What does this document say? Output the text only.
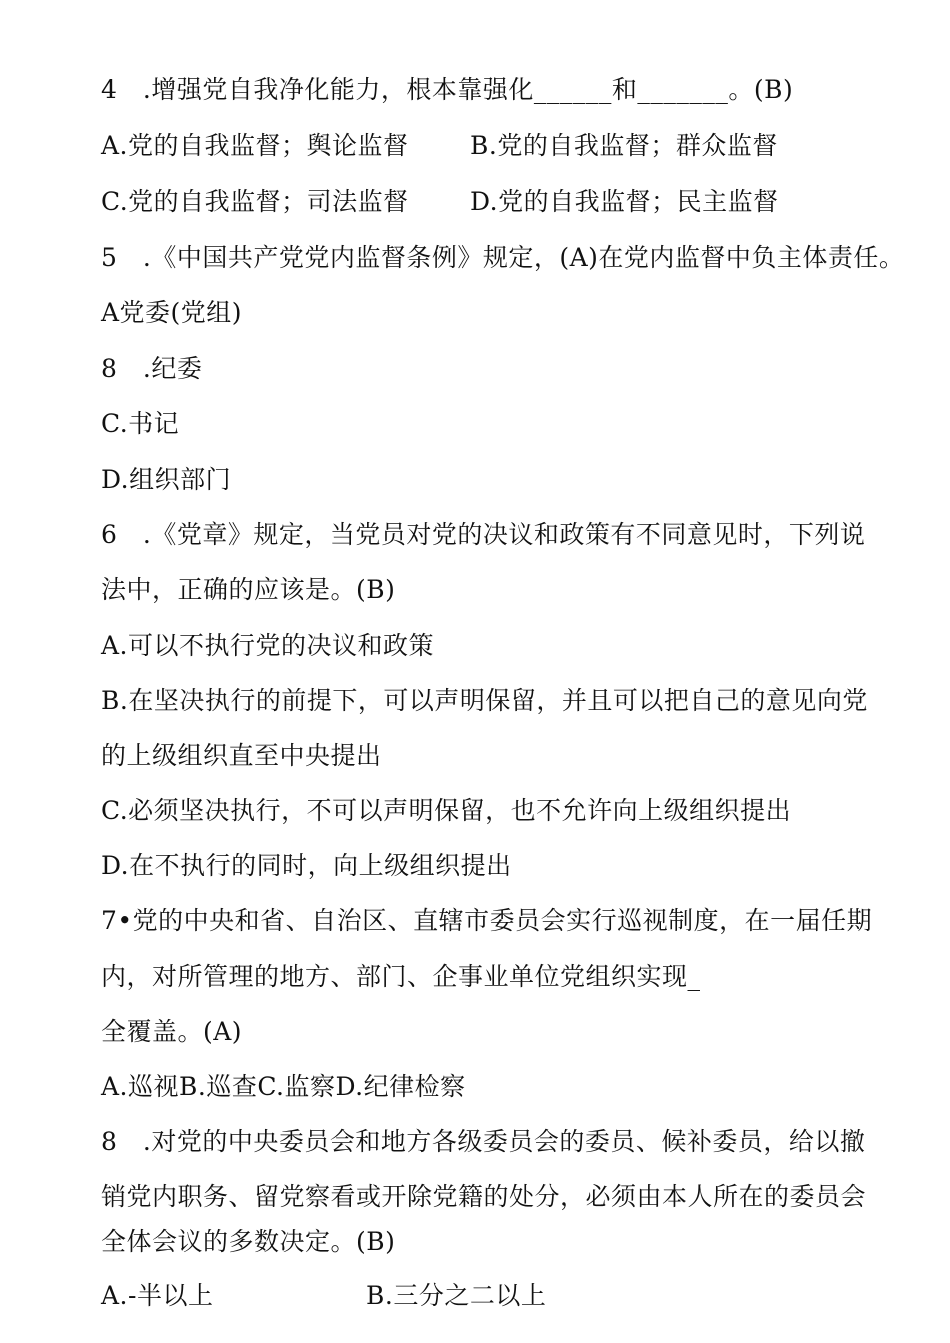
4　.增强党自我净化能力，根本靠强化______和_______。(B)
A.党的自我监督；舆论监督 B.党的自我监督；群众监督
C.党的自我监督；司法监督 D.党的自我监督；民主监督
5　.《中国共产党党内监督条例》规定，(A)在党内监督中负主体责任。
A党委(党组)
8　.纪委
C.书记
D.组织部门
6　.《党章》规定，当党员对党的决议和政策有不同意见时，下列说
法中，正确的应该是。(B)
A.可以不执行党的决议和政策
B.在坚决执行的前提下，可以声明保留，并且可以把自己的意见向党
的上级组织直至中央提出
C.必须坚决执行，不可以声明保留，也不允许向上级组织提出
D.在不执行的同时，向上级组织提出
7•党的中央和省、自治区、直辖市委员会实行巡视制度，在一届任期
内，对所管理的地方、部门、企事业单位党组织实现_
全覆盖。(A)
A.巡视B.巡查C.监察D.纪律检察
8　.对党的中央委员会和地方各级委员会的委员、候补委员，给以撤
销党内职务、留党察看或开除党籍的处分，必须由本人所在的委员会
全体会议的多数决定。(B)
A.-半以上	B.三分之二以上
